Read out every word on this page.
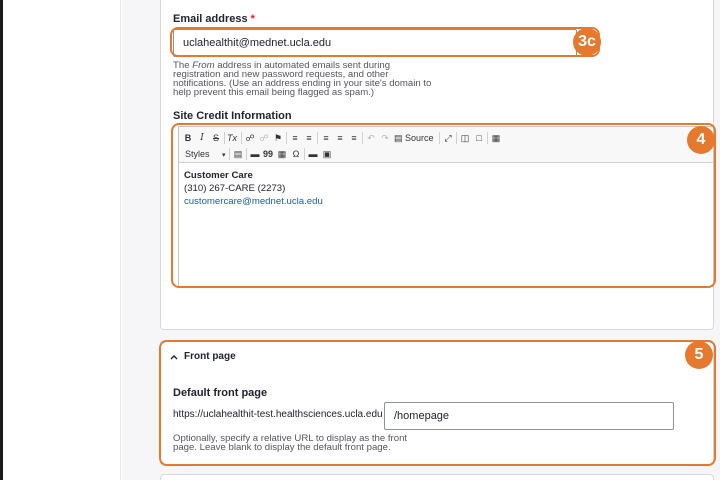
Email address *
uclahealthit@mednet.ucla.edu
The From address in automated emails sent during
registration and new password requests, and other
notifications. (Use an address ending in your site's domain to
help prevent this email being flagged as spam.)
Site Credit Information
B I	S Tx ☍ ☍ ⚑ ≡ ≡ ≡ ≡ ≡ ↶ ↷ ▤ Source ⤢ ◫ □ ▦
Styles ▾ ▤ ▬ 99 ▦ Ω ▬ ▣
Customer Care
(310) 267-CARE (2273)
customercare@mednet.ucla.edu
Front page
Default front page
https://uclahealthit-test.healthsciences.ucla.edu
/homepage
Optionally, specify a relative URL to display as the front
page. Leave blank to display the default front page.
3c
4
5
